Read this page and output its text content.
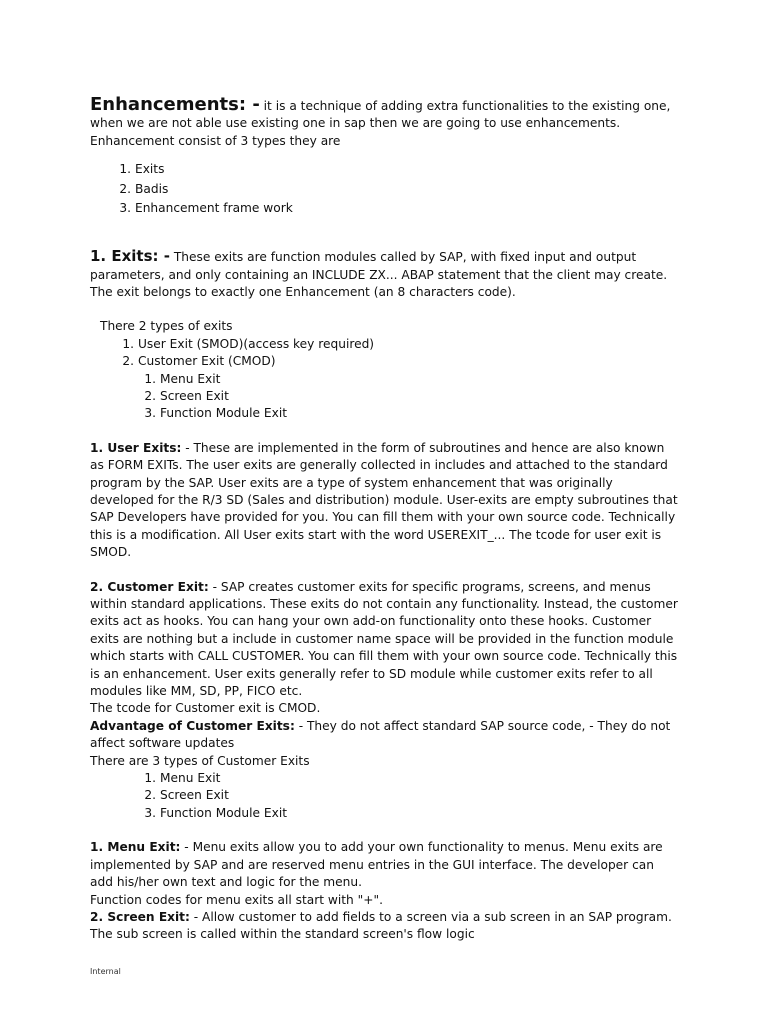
Enhancements: - it is a technique of adding extra functionalities to the existing one, when we are not able use existing one in sap then we are going to use enhancements.

Enhancement consist of 3 types they are

1. Exits
2. Badis
3. Enhancement frame work

1. Exits: - These exits are function modules called by SAP, with fixed input and output parameters, and only containing an INCLUDE ZX... ABAP statement that the client may create. The exit belongs to exactly one Enhancement (an 8 characters code).

There 2 types of exits

1. User Exit (SMOD)(access key required)
2. Customer Exit (CMOD)
1. Menu Exit
2. Screen Exit
3. Function Module Exit

1. User Exits: - These are implemented in the form of subroutines and hence are also known as FORM EXITs. The user exits are generally collected in includes and attached to the standard program by the SAP. User exits are a type of system enhancement that was originally developed for the R/3 SD (Sales and distribution) module. User-exits are empty subroutines that SAP Developers have provided for you. You can fill them with your own source code. Technically this is a modification. All User exits start with the word USEREXIT_... The tcode for user exit is SMOD.

2. Customer Exit: - SAP creates customer exits for specific programs, screens, and menus within standard applications. These exits do not contain any functionality. Instead, the customer exits act as hooks. You can hang your own add-on functionality onto these hooks. Customer exits are nothing but a include in customer name space will be provided in the function module which starts with CALL CUSTOMER. You can fill them with your own source code. Technically this is an enhancement. User exits generally refer to SD module while customer exits refer to all modules like MM, SD, PP, FICO etc.

The tcode for Customer exit is CMOD.

Advantage of Customer Exits: - They do not affect standard SAP source code, - They do not affect software updates

There are 3 types of Customer Exits

1. Menu Exit
2. Screen Exit
3. Function Module Exit

1. Menu Exit: - Menu exits allow you to add your own functionality to menus. Menu exits are implemented by SAP and are reserved menu entries in the GUI interface. The developer can add his/her own text and logic for the menu.

Function codes for menu exits all start with "+".

2. Screen Exit: - Allow customer to add fields to a screen via a sub screen in an SAP program. The sub screen is called within the standard screen's flow logic

Internal
